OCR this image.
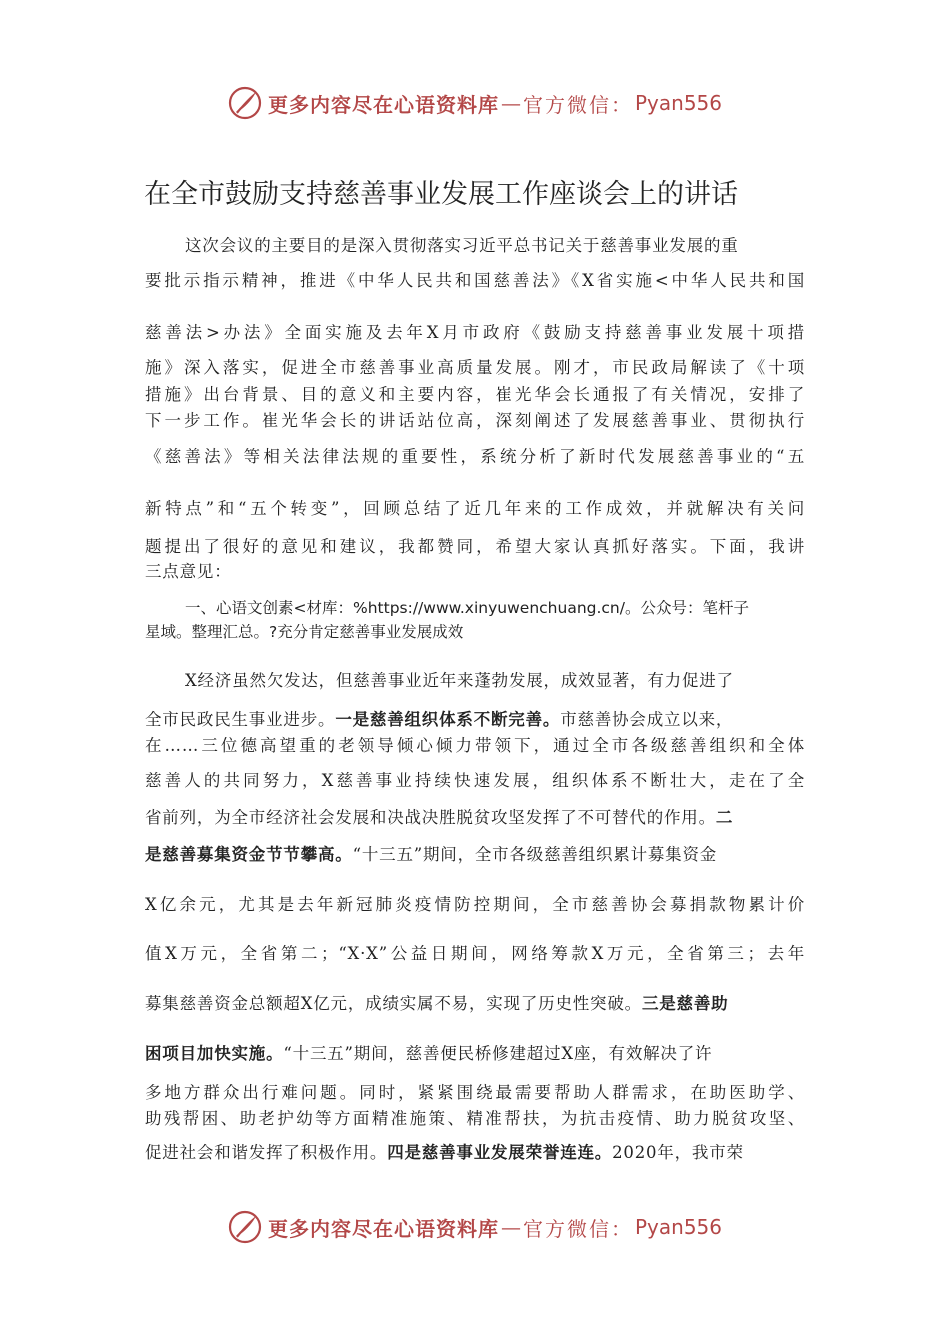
更多内容尽在心语资料库 — 官方微信： Pyan556
在全市鼓励支持慈善事业发展工作座谈会上的讲话
这次会议的主要目的是深入贯彻落实习近平总书记关于慈善事业发展的重
要批示指示精神，推进《中华人民共和国慈善法》《X省实施<中华人民共和国
慈善法>办法》全面实施及去年X月市政府《鼓励支持慈善事业发展十项措
施》深入落实，促进全市慈善事业高质量发展。刚才，市民政局解读了《十项
措施》出台背景、目的意义和主要内容，崔光华会长通报了有关情况，安排了
下一步工作。崔光华会长的讲话站位高，深刻阐述了发展慈善事业、贯彻执行
《慈善法》等相关法律法规的重要性，系统分析了新时代发展慈善事业的“五
新特点”和“五个转变”，回顾总结了近几年来的工作成效，并就解决有关问
题提出了很好的意见和建议，我都赞同，希望大家认真抓好落实。下面，我讲
三点意见：
一、心语文创素<材库：%https://www.xinyuwenchuang.cn/。公众号：笔杆子
星域。整理汇总。?充分肯定慈善事业发展成效
X经济虽然欠发达，但慈善事业近年来蓬勃发展，成效显著，有力促进了
全市民政民生事业进步。一是慈善组织体系不断完善。市慈善协会成立以来，
在……三位德高望重的老领导倾心倾力带领下，通过全市各级慈善组织和全体
慈善人的共同努力，X慈善事业持续快速发展，组织体系不断壮大，走在了全
省前列，为全市经济社会发展和决战决胜脱贫攻坚发挥了不可替代的作用。二
是慈善募集资金节节攀高。“十三五”期间，全市各级慈善组织累计募集资金
X亿余元，尤其是去年新冠肺炎疫情防控期间，全市慈善协会募捐款物累计价
值X万元，全省第二；“X·X”公益日期间，网络筹款X万元，全省第三；去年
募集慈善资金总额超X亿元，成绩实属不易，实现了历史性突破。三是慈善助
困项目加快实施。“十三五”期间，慈善便民桥修建超过X座，有效解决了许
多地方群众出行难问题。同时，紧紧围绕最需要帮助人群需求，在助医助学、
助残帮困、助老护幼等方面精准施策、精准帮扶，为抗击疫情、助力脱贫攻坚、
促进社会和谐发挥了积极作用。四是慈善事业发展荣誉连连。2020年，我市荣
更多内容尽在心语资料库 — 官方微信： Pyan556
